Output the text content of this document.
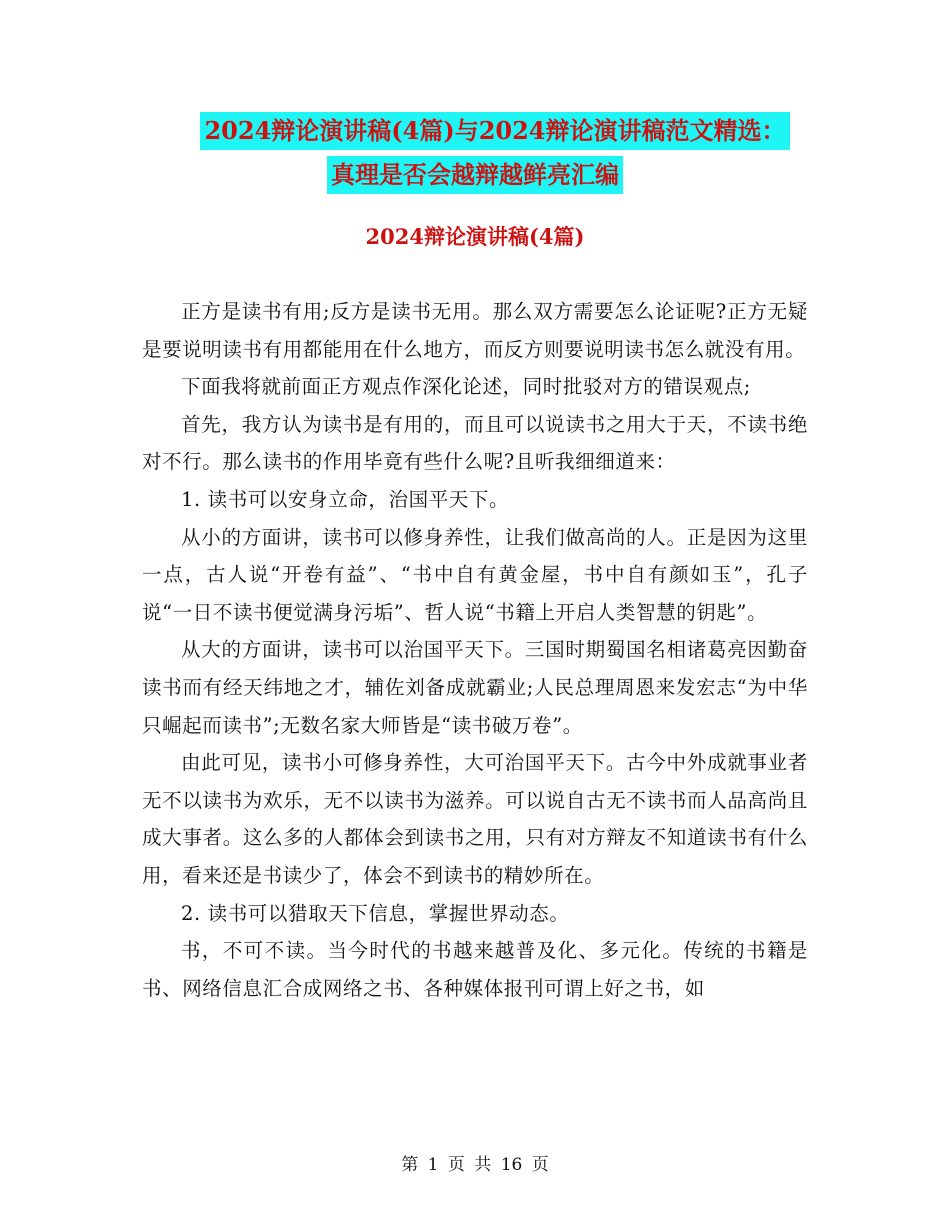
2024辩论演讲稿(4篇)与2024辩论演讲稿范文精选：
真理是否会越辩越鲜亮汇编
2024辩论演讲稿(4篇)

正方是读书有用;反方是读书无用。那么双方需要怎么论证呢?正方无疑是要说明读书有用都能用在什么地方，而反方则要说明读书怎么就没有用。

下面我将就前面正方观点作深化论述，同时批驳对方的错误观点;

首先，我方认为读书是有用的，而且可以说读书之用大于天，不读书绝对不行。那么读书的作用毕竟有些什么呢?且听我细细道来：

1. 读书可以安身立命，治国平天下。

从小的方面讲，读书可以修身养性，让我们做高尚的人。正是因为这里一点，古人说“开卷有益”、“书中自有黄金屋，书中自有颜如玉”，孔子说“一日不读书便觉满身污垢”、哲人说“书籍上开启人类智慧的钥匙”。

从大的方面讲，读书可以治国平天下。三国时期蜀国名相诸葛亮因勤奋读书而有经天纬地之才，辅佐刘备成就霸业;人民总理周恩来发宏志“为中华只崛起而读书”;无数名家大师皆是“读书破万卷”。

由此可见，读书小可修身养性，大可治国平天下。古今中外成就事业者无不以读书为欢乐，无不以读书为滋养。可以说自古无不读书而人品高尚且成大事者。这么多的人都体会到读书之用，只有对方辩友不知道读书有什么用，看来还是书读少了，体会不到读书的精妙所在。

2. 读书可以猎取天下信息，掌握世界动态。

书，不可不读。当今时代的书越来越普及化、多元化。传统的书籍是书、网络信息汇合成网络之书、各种媒体报刊可谓上好之书，如

第 1 页 共 16 页
